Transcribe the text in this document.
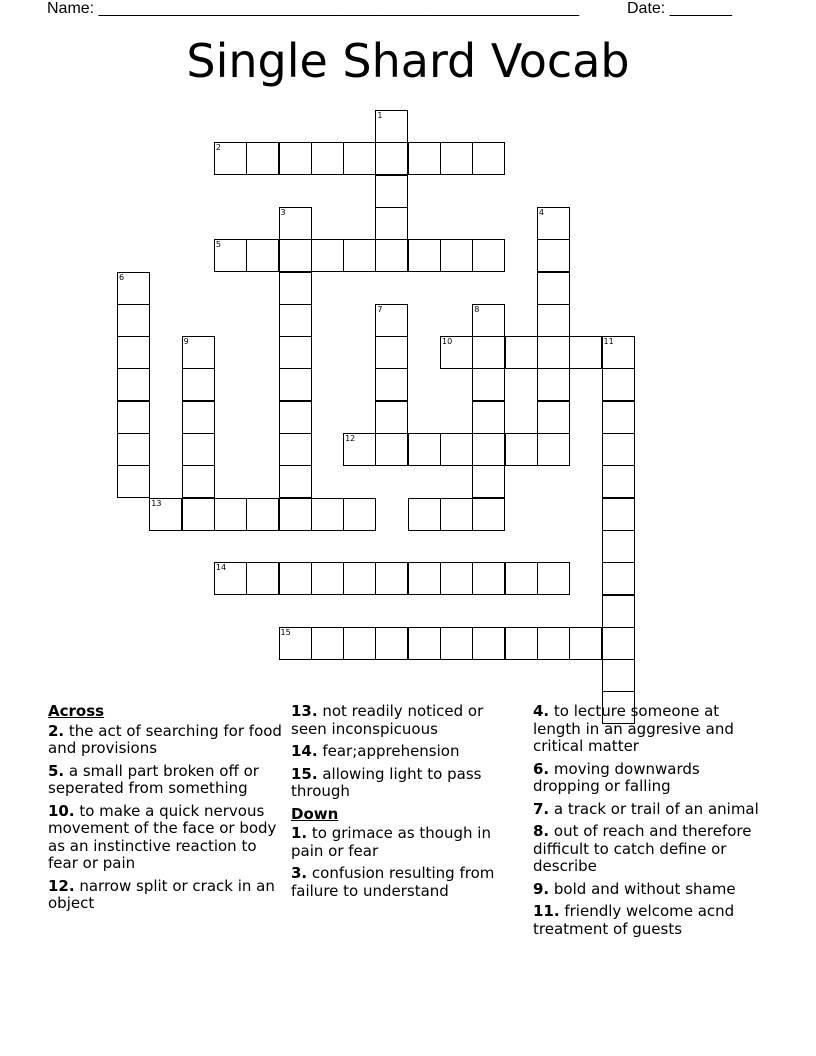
Name: ______________________________________________________	Date: _______
Single Shard Vocab
1
2
3	4
5
6
7	8
10	11
9
12
13
14
15
Across
2. the act of searching for food and provisions
5. a small part broken off or seperated from something
10. to make a quick nervous movement of the face or body as an instinctive reaction to fear or pain
12. narrow split or crack in an object
13. not readily noticed or seen inconspicuous
14. fear;apprehension
15. allowing light to pass through
Down
1. to grimace as though in pain or fear
3. confusion resulting from failure to understand
4. to lecture someone at length in an aggresive and critical matter
6. moving downwards dropping or falling
7. a track or trail of an animal
8. out of reach and therefore difficult to catch define or describe
9. bold and without shame
11. friendly welcome acnd treatment of guests
